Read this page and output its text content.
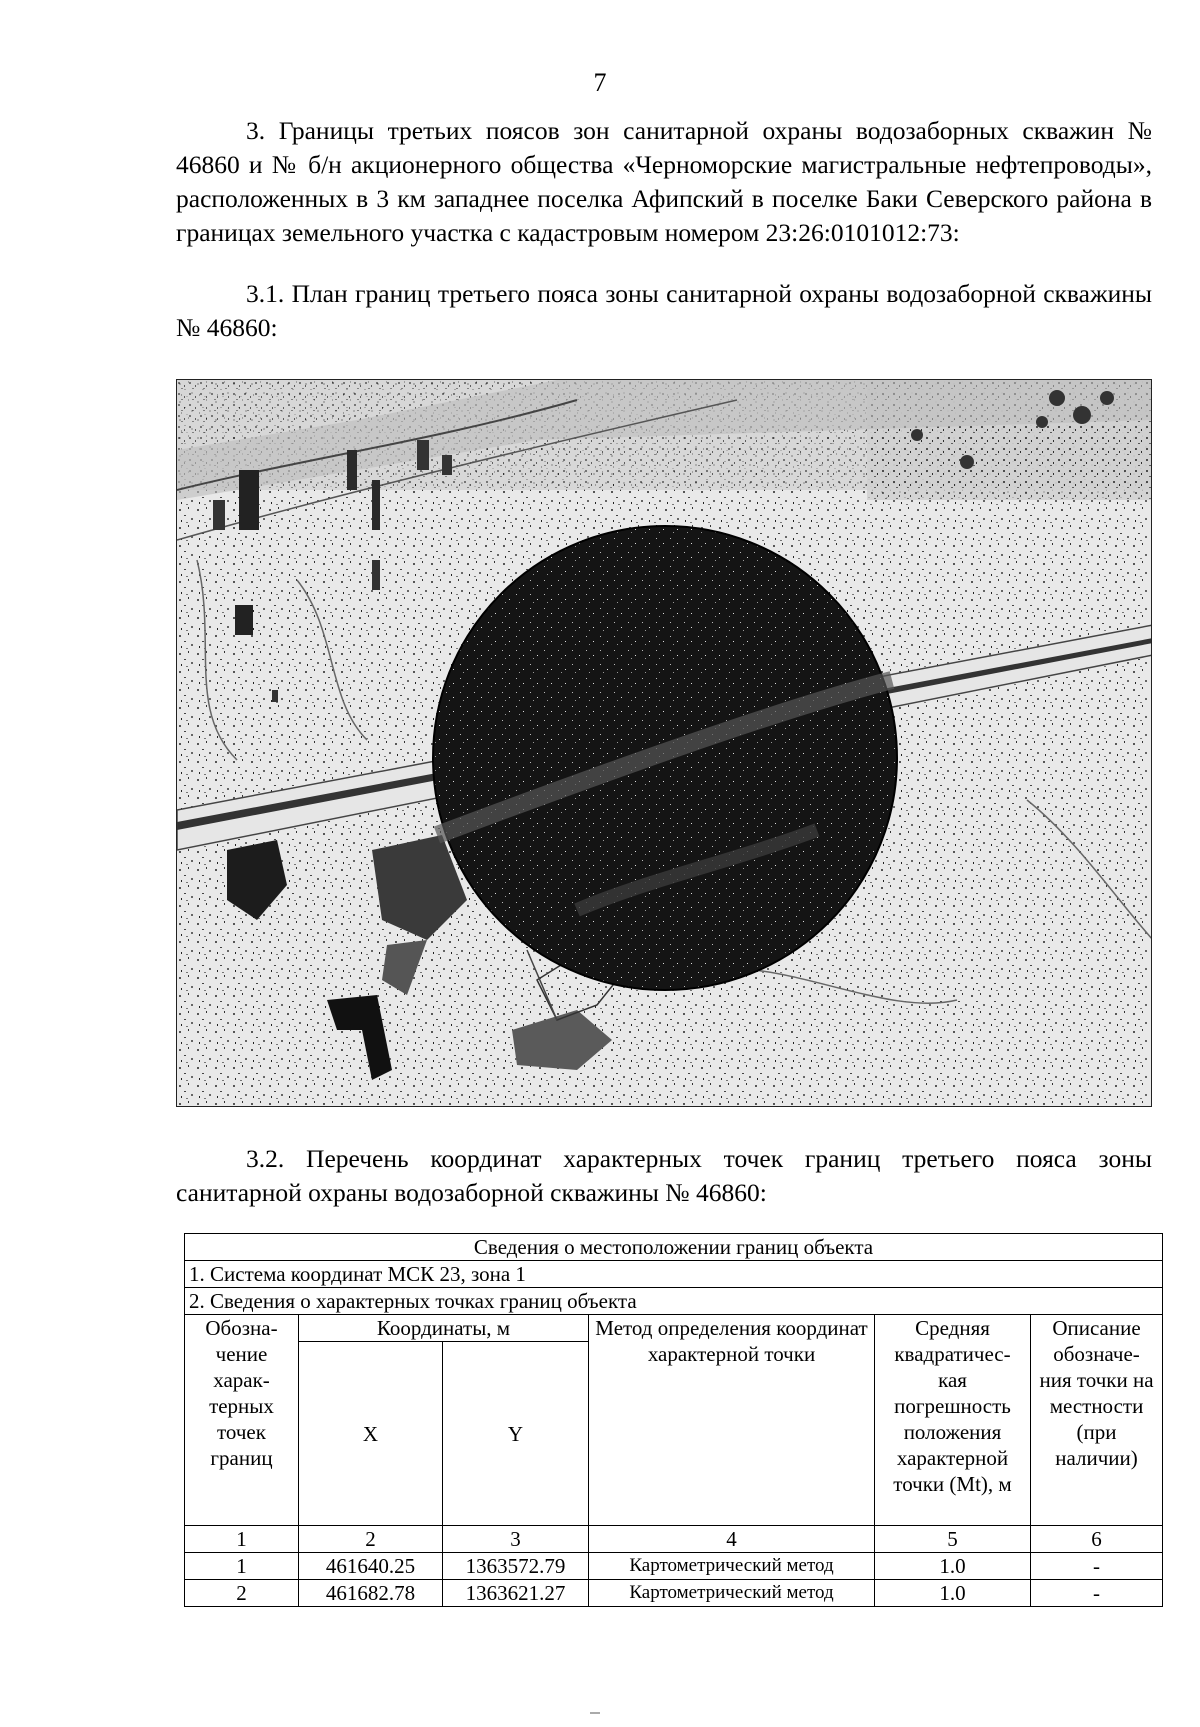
7
3. Границы третьих поясов зон санитарной охраны водозаборных скважин № 46860 и № б/н акционерного общества «Черноморские магистральные нефтепроводы», расположенных в 3 км западнее поселка Афипский в поселке Баки Северского района в границах земельного участка с кадастровым номером 23:26:0101012:73:
3.1. План границ третьего пояса зоны санитарной охраны водозаборной скважины № 46860:
3.2. Перечень координат характерных точек границ третьего пояса зоны санитарной охраны водозаборной скважины № 46860:
Сведения о местоположении границ объекта					
1. Система координат МСК 23, зона 1					
2. Сведения о характерных точках границ объекта					
Обозна- чение харак- терных точек границ	Координаты, м		Метод определения координат характерной точки	Средняя квадратичес- кая погрешность положения характерной точки (Mt), м	Описание обозначе- ния точки на местности (при наличии)
	X	Y			
1	2	3	4	5	6
1	461640.25	1363572.79	Картометрический метод	1.0	-
2	461682.78	1363621.27	Картометрический метод	1.0	-
